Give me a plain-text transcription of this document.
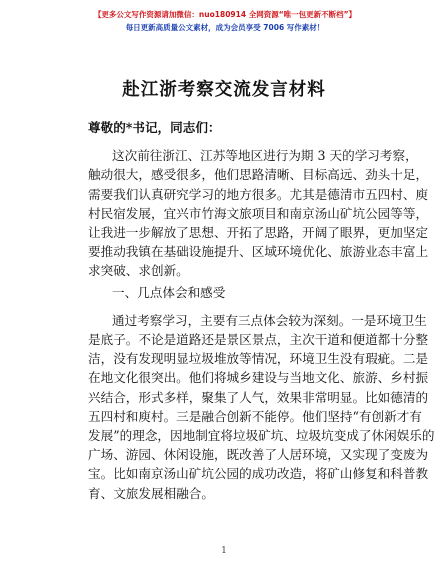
【更多公文写作资源请加微信：nuo180914 全网资源“唯一包更新不断档”】
每日更新高质量公文素材，成为会员享受 7006 写作素材！
赴江浙考察交流发言材料

尊敬的*书记，同志们：

这次前往浙江、江苏等地区进行为期 3 天的学习考察，

触动很大，感受很多，他们思路清晰、目标高远、劲头十足，

需要我们认真研究学习的地方很多。尤其是德清市五四村、庾

村民宿发展，宜兴市竹海文旅项目和南京汤山矿坑公园等等，

让我进一步解放了思想、开拓了思路，开阔了眼界，更加坚定

要推动我镇在基础设施提升、区域环境优化、旅游业态丰富上

求突破、求创新。

一、几点体会和感受

通过考察学习，主要有三点体会较为深刻。一是环境卫生

是底子。不论是道路还是景区景点，主次干道和便道都十分整

洁，没有发现明显垃圾堆放等情况，环境卫生没有瑕疵。二是

在地文化很突出。他们将城乡建设与当地文化、旅游、乡村振

兴结合，形式多样，聚集了人气，效果非常明显。比如德清的

五四村和庾村。三是融合创新不能停。他们坚持“有创新才有

发展”的理念，因地制宜将垃圾矿坑、垃圾坑变成了休闲娱乐的

广场、游园、休闲设施，既改善了人居环境，又实现了变废为

宝。比如南京汤山矿坑公园的成功改造，将矿山修复和科普教

育、文旅发展相融合。

1
